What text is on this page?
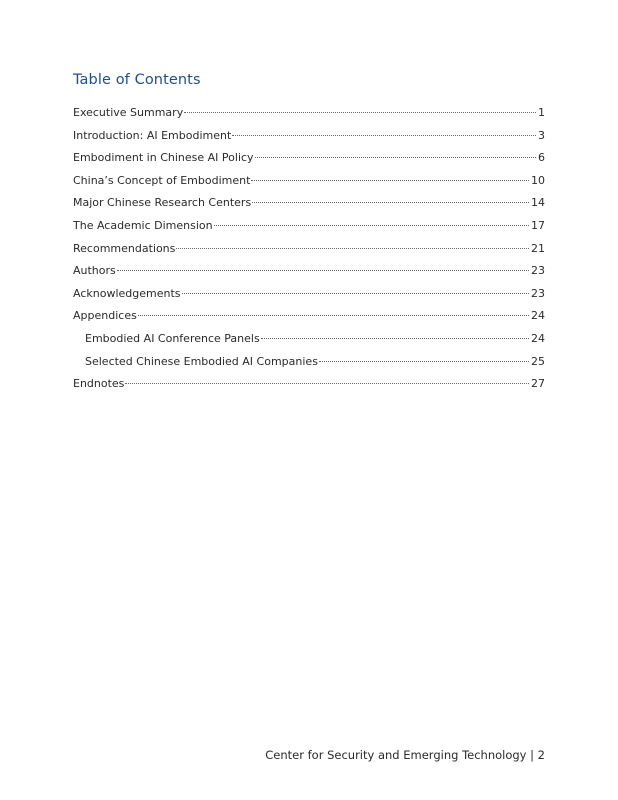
Table of Contents
Executive Summary	1
Introduction: AI Embodiment	3
Embodiment in Chinese AI Policy	6
China’s Concept of Embodiment	10
Major Chinese Research Centers	14
The Academic Dimension	17
Recommendations	21
Authors	23
Acknowledgements	23
Appendices	24
Embodied AI Conference Panels	24
Selected Chinese Embodied AI Companies	25
Endnotes	27
Center for Security and Emerging Technology | 2
